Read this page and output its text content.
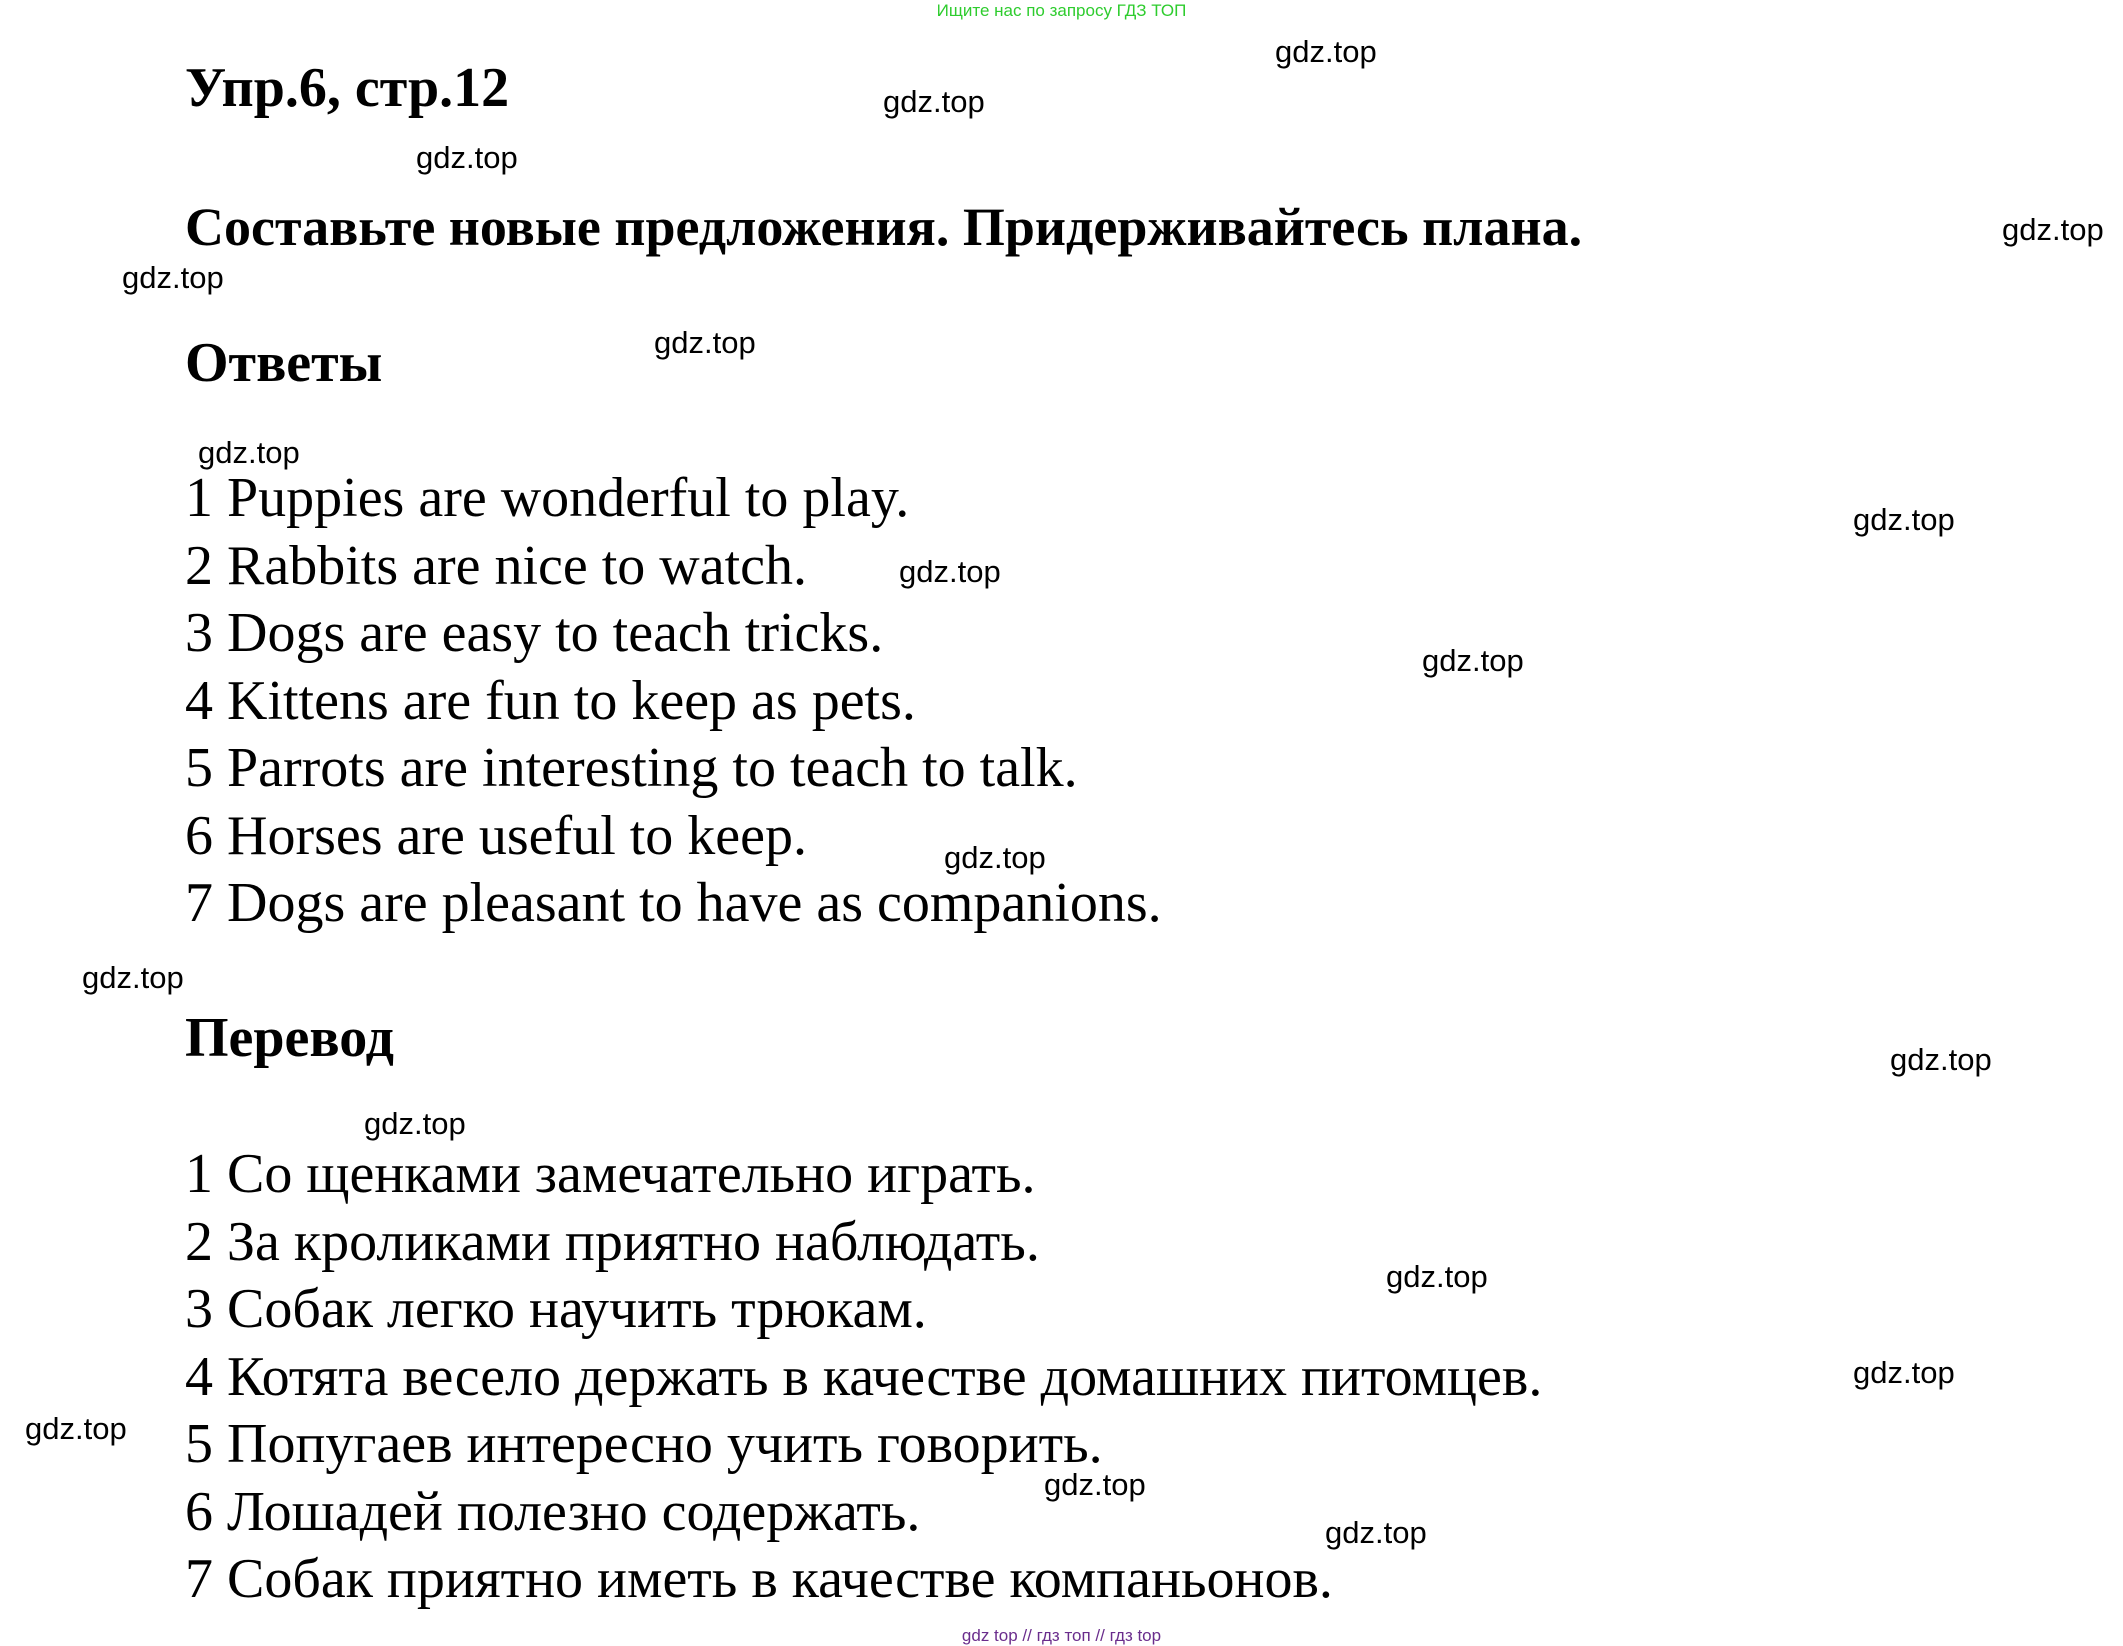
Ищите нас по запросу ГДЗ ТОП
Упр.6, стр.12

Составьте новые предложения. Придерживайтесь плана.

Ответы
1 Puppies are wonderful to play.
2 Rabbits are nice to watch.
3 Dogs are easy to teach tricks.
4 Kittens are fun to keep as pets.
5 Parrots are interesting to teach to talk.
6 Horses are useful to keep.
7 Dogs are pleasant to have as companions.
Перевод
1 Со щенками замечательно играть.
2 За кроликами приятно наблюдать.
3 Собак легко научить трюкам.
4 Котята весело держать в качестве домашних питомцев.
5 Попугаев интересно учить говорить.
6 Лошадей полезно содержать.
7 Собак приятно иметь в качестве компаньонов.
gdz.top
gdz.top
gdz.top
gdz.top
gdz.top
gdz.top
gdz.top
gdz.top
gdz.top
gdz.top
gdz.top
gdz.top
gdz.top
gdz.top
gdz.top
gdz.top
gdz.top
gdz.top
gdz.top
gdz top // гдз топ // гдз top
